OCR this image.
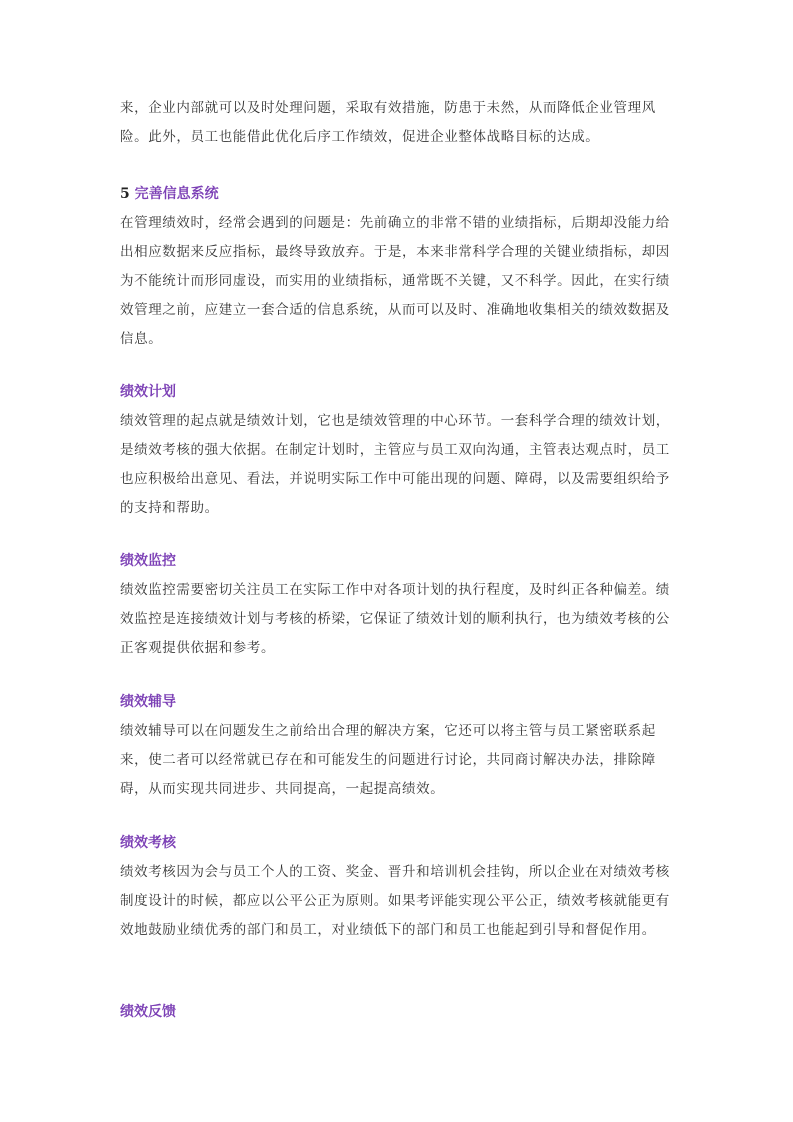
来，企业内部就可以及时处理问题，采取有效措施，防患于未然，从而降低企业管理风险。此外，员工也能借此优化后序工作绩效，促进企业整体战略目标的达成。

5 完善信息系统

在管理绩效时，经常会遇到的问题是：先前确立的非常不错的业绩指标，后期却没能力给出相应数据来反应指标，最终导致放弃。于是，本来非常科学合理的关键业绩指标，却因为不能统计而形同虚设，而实用的业绩指标，通常既不关键，又不科学。因此，在实行绩效管理之前，应建立一套合适的信息系统，从而可以及时、准确地收集相关的绩效数据及信息。

绩效计划

绩效管理的起点就是绩效计划，它也是绩效管理的中心环节。一套科学合理的绩效计划，是绩效考核的强大依据。在制定计划时，主管应与员工双向沟通，主管表达观点时，员工也应积极给出意见、看法，并说明实际工作中可能出现的问题、障碍，以及需要组织给予的支持和帮助。

绩效监控

绩效监控需要密切关注员工在实际工作中对各项计划的执行程度，及时纠正各种偏差。绩效监控是连接绩效计划与考核的桥梁，它保证了绩效计划的顺利执行，也为绩效考核的公正客观提供依据和参考。

绩效辅导

绩效辅导可以在问题发生之前给出合理的解决方案，它还可以将主管与员工紧密联系起来，使二者可以经常就已存在和可能发生的问题进行讨论，共同商讨解决办法，排除障碍，从而实现共同进步、共同提高，一起提高绩效。

绩效考核

绩效考核因为会与员工个人的工资、奖金、晋升和培训机会挂钩，所以企业在对绩效考核制度设计的时候，都应以公平公正为原则。如果考评能实现公平公正，绩效考核就能更有效地鼓励业绩优秀的部门和员工，对业绩低下的部门和员工也能起到引导和督促作用。

绩效反馈
